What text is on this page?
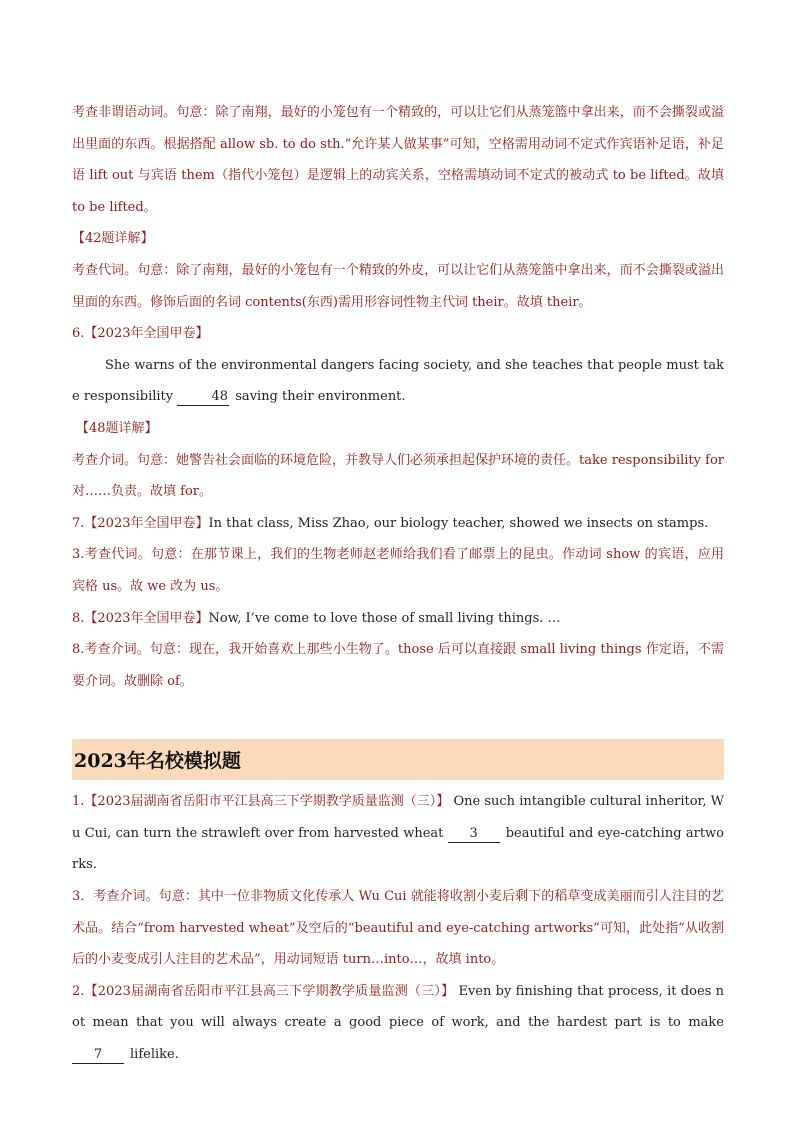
考查非谓语动词。句意：除了南翔，最好的小笼包有一个精致的，可以让它们从蒸笼篮中拿出来，而不会撕裂或溢出里面的东西。根据搭配 allow sb. to do sth.“允许某人做某事”可知，空格需用动词不定式作宾语补足语，补足语 lift out 与宾语 them（指代小笼包）是逻辑上的动宾关系，空格需填动词不定式的被动式 to be lifted。故填 to be lifted。

【42题详解】

考查代词。句意：除了南翔，最好的小笼包有一个精致的外皮，可以让它们从蒸笼篮中拿出来，而不会撕裂或溢出里面的东西。修饰后面的名词 contents(东西)需用形容词性物主代词 their。故填 their。

6.【2023年全国甲卷】

She warns of the environmental dangers facing society, and she teaches that people must take responsibility	48 saving their environment.

【48题详解】

考查介词。句意：她警告社会面临的环境危险，并教导人们必须承担起保护环境的责任。take responsibility for 对……负责。故填 for。

7.【2023年全国甲卷】In that class, Miss Zhao, our biology teacher, showed we insects on stamps.

3.考查代词。句意：在那节课上，我们的生物老师赵老师给我们看了邮票上的昆虫。作动词 show 的宾语，应用宾格 us。故 we 改为 us。

8.【2023年全国甲卷】Now, I’ve come to love those of small living things. …

8.考查介词。句意：现在，我开始喜欢上那些小生物了。those 后可以直接跟 small living things 作定语，不需要介词。故删除 of。

2023年名校模拟题

1.【2023届湖南省岳阳市平江县高三下学期教学质量监测（三）】 One such intangible cultural inheritor, Wu Cui, can turn the strawleft over from harvested wheat 3 beautiful and eye-catching artworks.

3．考查介词。句意：其中一位非物质文化传承人 Wu Cui 就能将收割小麦后剩下的稻草变成美丽而引人注目的艺术品。结合“from harvested wheat”及空后的“beautiful and eye-catching artworks”可知，此处指“从收割后的小麦变成引人注目的艺术品”，用动词短语 turn…into…，故填 into。

2.【2023届湖南省岳阳市平江县高三下学期教学质量监测（三）】 Even by finishing that process, it does not mean that you will always create a good piece of work, and the hardest part is to make 7 lifelike.
